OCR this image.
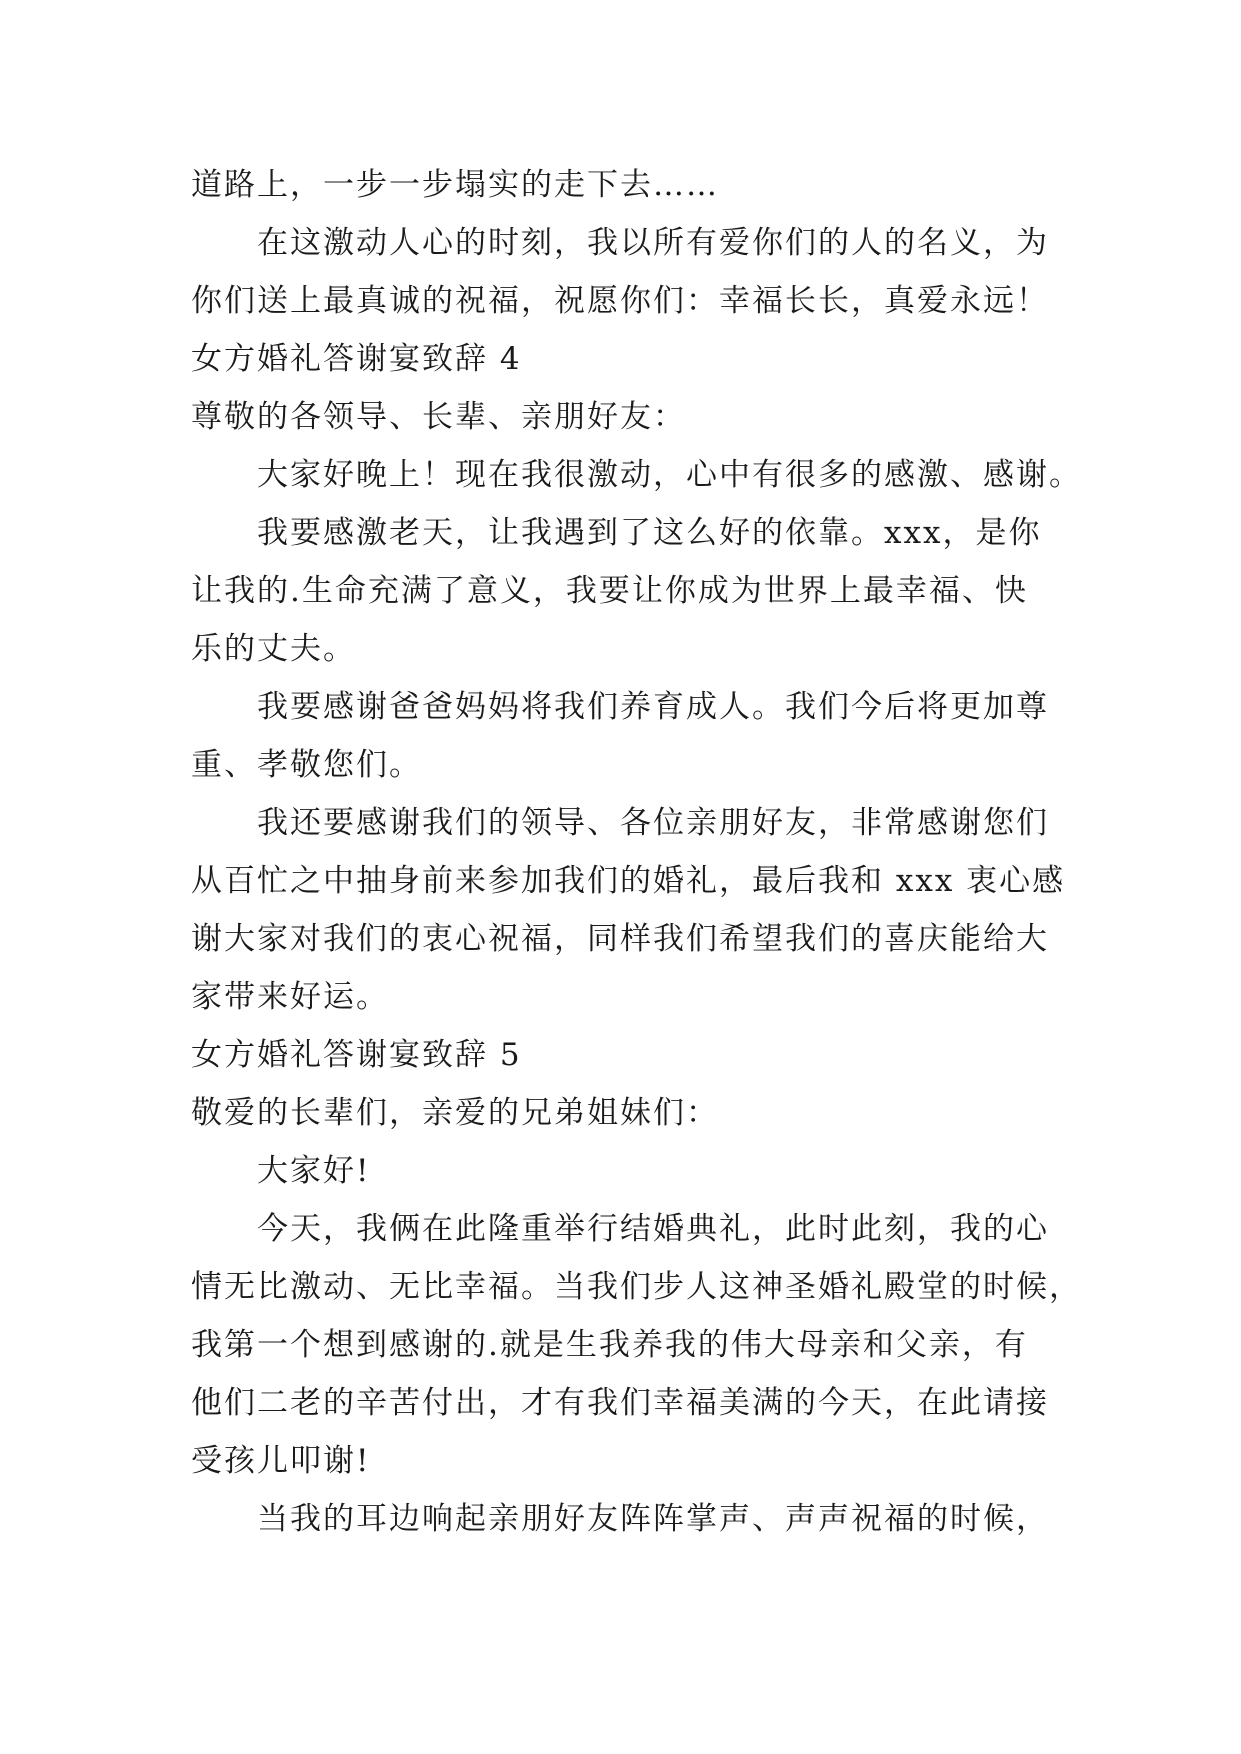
道路上，一步一步塌实的走下去……
在这激动人心的时刻，我以所有爱你们的人的名义，为
你们送上最真诚的祝福，祝愿你们：幸福长长，真爱永远！
女方婚礼答谢宴致辞 4
尊敬的各领导、长辈、亲朋好友：
大家好晚上！现在我很激动，心中有很多的感激、感谢。
我要感激老天，让我遇到了这么好的依靠。xxx，是你
让我的.生命充满了意义，我要让你成为世界上最幸福、快
乐的丈夫。
我要感谢爸爸妈妈将我们养育成人。我们今后将更加尊
重、孝敬您们。
我还要感谢我们的领导、各位亲朋好友，非常感谢您们
从百忙之中抽身前来参加我们的婚礼，最后我和 xxx 衷心感
谢大家对我们的衷心祝福，同样我们希望我们的喜庆能给大
家带来好运。
女方婚礼答谢宴致辞 5
敬爱的长辈们，亲爱的兄弟姐妹们：
大家好!
今天，我俩在此隆重举行结婚典礼，此时此刻，我的心
情无比激动、无比幸福。当我们步人这神圣婚礼殿堂的时候，
我第一个想到感谢的.就是生我养我的伟大母亲和父亲，有
他们二老的辛苦付出，才有我们幸福美满的今天，在此请接
受孩儿叩谢!
当我的耳边响起亲朋好友阵阵掌声、声声祝福的时候，
